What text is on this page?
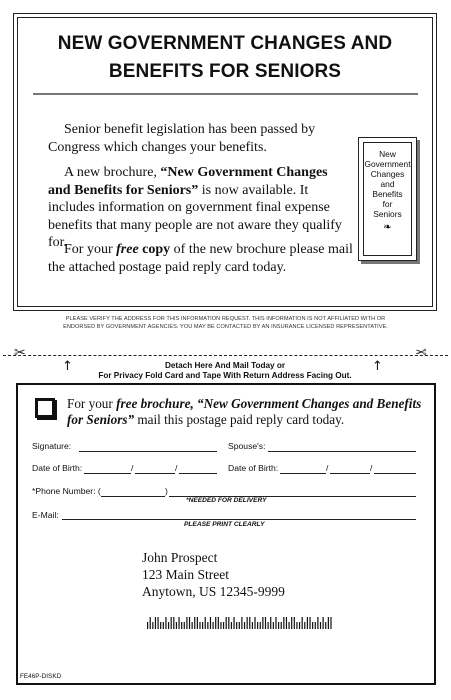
NEW GOVERNMENT CHANGES AND
BENEFITS FOR SENIORS
Senior benefit legislation has been passed by Congress which changes your benefits.
A new brochure, “New Government Changes and Benefits for Seniors” is now available. It includes information on government final expense benefits that many people are not aware they qualify for.
For your free copy of the new brochure please mail the attached postage paid reply card today.
New
Government
Changes
and
Benefits
for
Seniors
❧
PLEASE VERIFY THE ADDRESS FOR THIS INFORMATION REQUEST. THIS INFORMATION IS NOT AFFILIATED WITH OR
ENDORSED BY GOVERNMENT AGENCIES. YOU MAY BE CONTACTED BY AN INSURANCE LICENSED REPRESENTATIVE.
✂	✂
↑	↑
Detach Here And Mail Today or
For Privacy Fold Card and Tape With Return Address Facing Out.
For your free brochure, “New Government Changes and Benefits for Seniors” mail this postage paid reply card today.
Signature:	Spouse's:
Date of Birth:	/	/	Date of Birth:	/	/
*Phone Number: (	)
*NEEDED FOR DELIVERY
E-Mail:
PLEASE PRINT CLEARLY
John Prospect
123 Main Street
Anytown, US 12345-9999
FE46P-DISKD
